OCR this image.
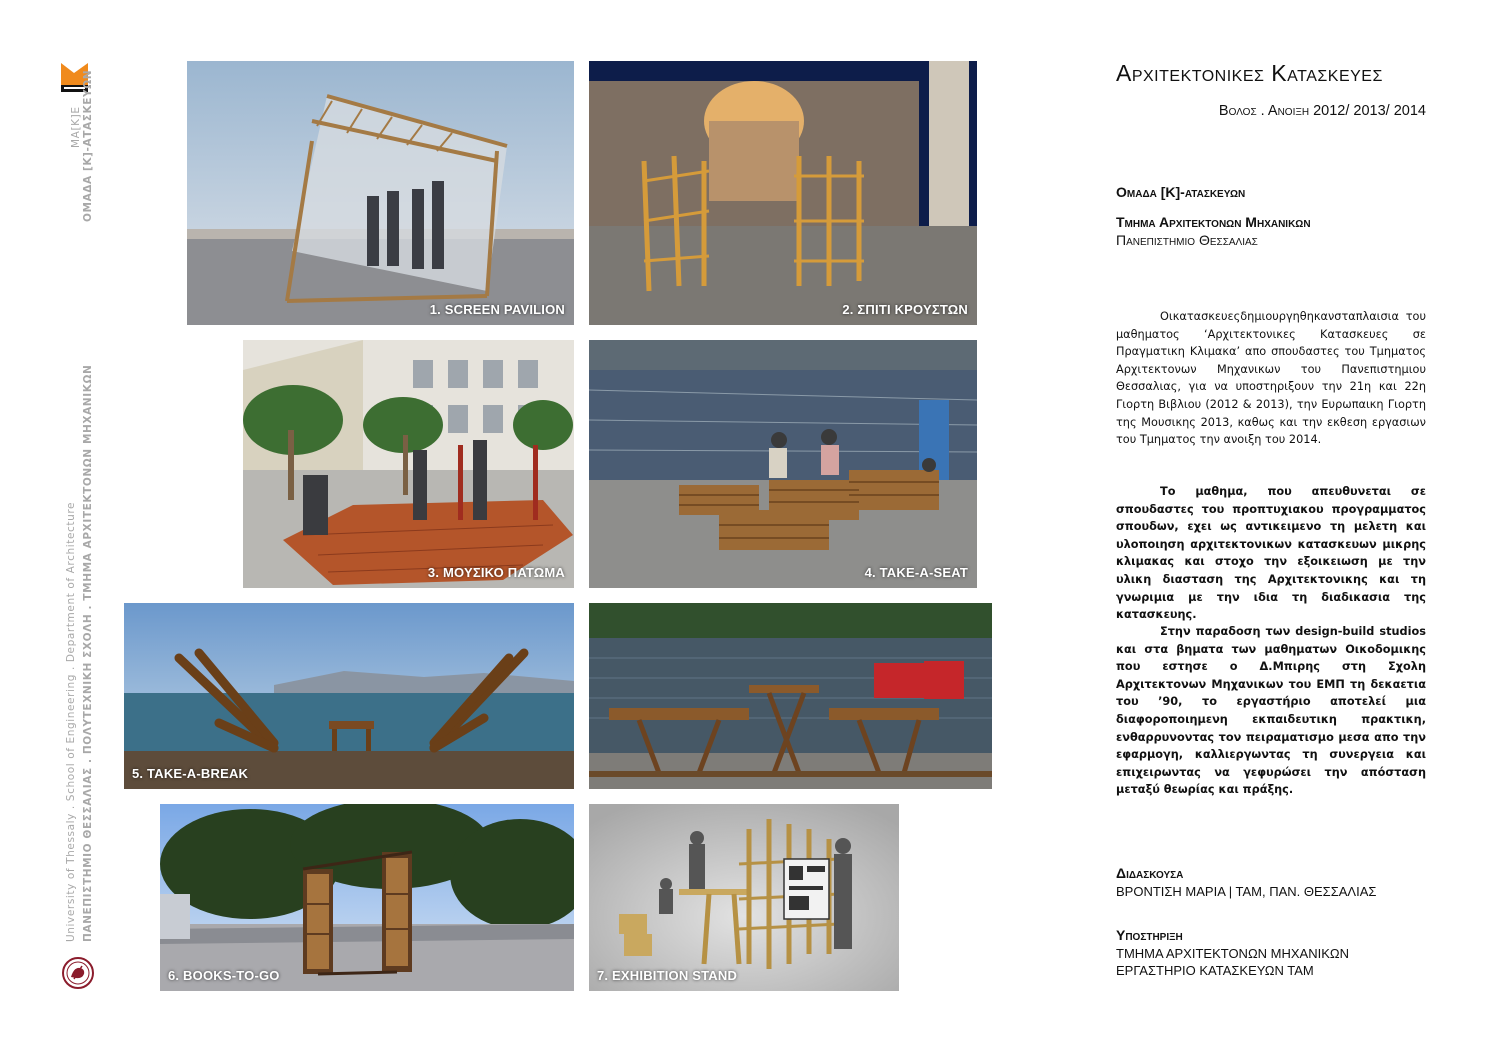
MA[K]E ΟΜΑΔΑ [Κ]-ΑΤΑΣΚΕΥΩΝ
University of Thessaly . School of Engineering . Department of Architecture ΠΑΝΕΠΙΣΤΗΜΙΟ ΘΕΣΣΑΛΙΑΣ . ΠΟΛΥΤΕΧΝΙΚΗ ΣΧΟΛΗ . ΤΜΗΜΑ ΑΡΧΙΤΕΚΤΟΝΩΝ ΜΗΧΑΝΙΚΩΝ
1. SCREEN PAVILION	2. ΣΠΙΤΙ ΚΡΟΥΣΤΩΝ
3. ΜΟΥΣΙΚΟ ΠΑΤΩΜΑ	4. TAKE-A-SEAT
5. TAKE-A-BREAK
6. BOOKS-TO-GO	7. EXHIBITION STAND
Αρχιτεκτονικες Κατασκευες
Βολος . Ανοιξη 2012/ 2013/ 2014
Ομαδα [Κ]-ατασκευων
Τμημα Αρχιτεκτονων Μηχανικων
Πανεπιστημιο Θεσσαλιας
Οικατασκευεςδημιουργηθηκανσταπλαισια του μαθηματος ‘Αρχιτεκτονικες Κατασκευες σε Πραγματικη Κλιμακα’ απο σπουδαστες του Τμηματος Αρχιτεκτονων Μηχανικων του Πανεπιστημιου Θεσσαλιας, για να υποστηριξουν την 21η και 22η Γιορτη Βιβλιου (2012 & 2013), την Ευρωπαικη Γιορτη της Μουσικης 2013, καθως και την εκθεση εργασιων του Τμηματος την ανοιξη του 2014.
Το μαθημα, που απευθυνεται σε σπουδαστες του προπτυχιακου προγραμματος σπουδων, εχει ως αντικειμενο τη μελετη και υλοποιηση αρχιτεκτονικων κατασκευων μικρης κλιμακας και στοχο την εξοικειωση με την υλικη διασταση της Αρχιτεκτονικης και τη γνωριμια με την ιδια τη διαδικασια της κατασκευης.
Στην παραδοση των design-build studios και στα βηματα των μαθηματων Οικοδομικης που εστησε ο Δ.Μπιρης στη Σχολη Αρχιτεκτονων Μηχανικων του ΕΜΠ τη δεκαετια του ’90, το εργαστήριο αποτελεί μια διαφοροποιημενη εκπαιδευτικη πρακτικη, ενθαρρυνοντας τον πειραματισμο μεσα απο την εφαρμογη, καλλιεργωντας τη συνεργεια και επιχειρωντας να γεφυρώσει την απόσταση μεταξύ θεωρίας και πράξης.
Διδασκουσα
ΒΡΟΝΤΙΣΗ ΜΑΡΙΑ | ΤΑΜ, ΠΑΝ. ΘΕΣΣΑΛΙΑΣ
Υποστηριξη
ΤΜΗΜΑ ΑΡΧΙΤΕΚΤΟΝΩΝ ΜΗΧΑΝΙΚΩΝ
ΕΡΓΑΣΤΗΡΙΟ ΚΑΤΑΣΚΕΥΩΝ ΤΑΜ
